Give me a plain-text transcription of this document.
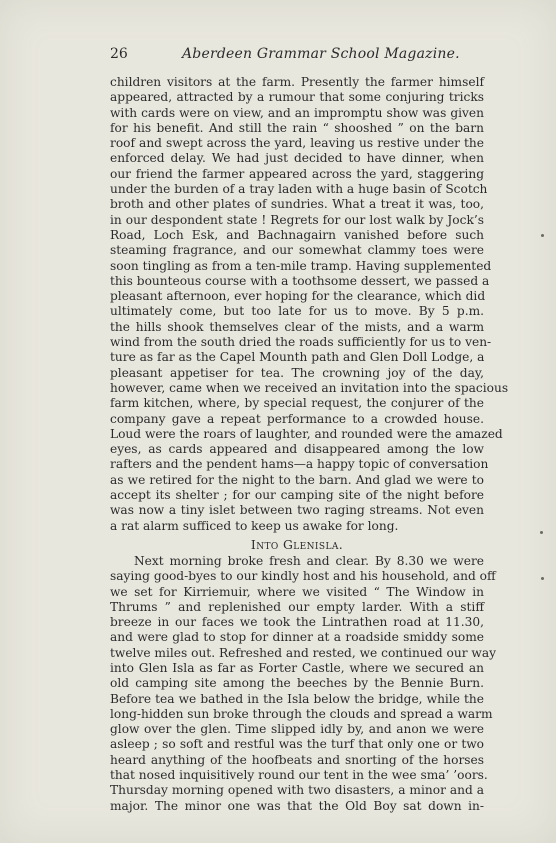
26	Aberdeen Grammar School Magazine.
children visitors at the farm. Presently the farmer himself
appeared, attracted by a rumour that some conjuring tricks
with cards were on view, and an impromptu show was given
for his benefit. And still the rain “ shooshed ” on the barn
roof and swept across the yard, leaving us restive under the
enforced delay. We had just decided to have dinner, when
our friend the farmer appeared across the yard, staggering
under the burden of a tray laden with a huge basin of Scotch
broth and other plates of sundries. What a treat it was, too,
in our despondent state ! Regrets for our lost walk by Jock’s
Road, Loch Esk, and Bachnagairn vanished before such
steaming fragrance, and our somewhat clammy toes were
soon tingling as from a ten-mile tramp. Having supplemented
this bounteous course with a toothsome dessert, we passed a
pleasant afternoon, ever hoping for the clearance, which did
ultimately come, but too late for us to move. By 5 p.m.
the hills shook themselves clear of the mists, and a warm
wind from the south dried the roads sufficiently for us to ven-
ture as far as the Capel Mounth path and Glen Doll Lodge, a
pleasant appetiser for tea. The crowning joy of the day,
however, came when we received an invitation into the spacious
farm kitchen, where, by special request, the conjurer of the
company gave a repeat performance to a crowded house.
Loud were the roars of laughter, and rounded were the amazed
eyes, as cards appeared and disappeared among the low
rafters and the pendent hams—a happy topic of conversation
as we retired for the night to the barn. And glad we were to
accept its shelter ; for our camping site of the night before
was now a tiny islet between two raging streams. Not even
a rat alarm sufficed to keep us awake for long.
Into Glenisla.
Next morning broke fresh and clear. By 8.30 we were
saying good-byes to our kindly host and his household, and off
we set for Kirriemuir, where we visited “ The Window in
Thrums ” and replenished our empty larder. With a stiff
breeze in our faces we took the Lintrathen road at 11.30,
and were glad to stop for dinner at a roadside smiddy some
twelve miles out. Refreshed and rested, we continued our way
into Glen Isla as far as Forter Castle, where we secured an
old camping site among the beeches by the Bennie Burn.
Before tea we bathed in the Isla below the bridge, while the
long-hidden sun broke through the clouds and spread a warm
glow over the glen. Time slipped idly by, and anon we were
asleep ; so soft and restful was the turf that only one or two
heard anything of the hoofbeats and snorting of the horses
that nosed inquisitively round our tent in the wee sma’ ’oors.
Thursday morning opened with two disasters, a minor and a
major. The minor one was that the Old Boy sat down in-
